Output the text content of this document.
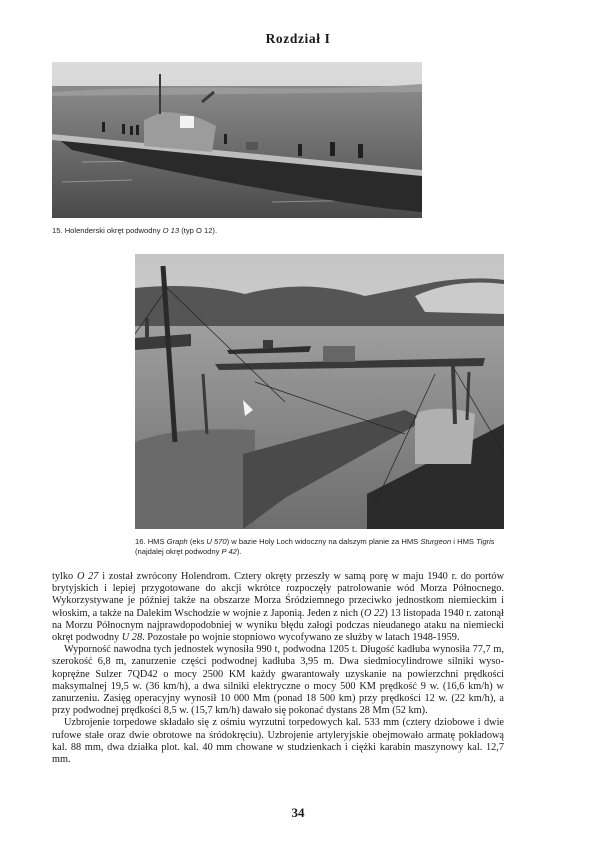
Rozdział I
15. Holenderski okręt podwodny O 13 (typ O 12).
16. HMS Graph (eks U 570) w bazie Holy Loch widoczny na dalszym planie za HMS Sturgeon i HMS Tigris (najdalej okręt podwodny P 42).

tylko O 27 i został zwrócony Holendrom. Cztery okręty przeszły w samą porę w maju 1940 r. do portów brytyjskich i lepiej przygotowane do akcji wkrótce rozpoczęły patrolowanie wód Morza Północnego. Wykorzystywane je później także na obszarze Morza Śródziemnego przeciwko jednostkom niemieckim i włoskim, a także na Dalekim Wschodzie w wojnie z Japonią. Jeden z nich (O 22) 13 listopada 1940 r. zatonął na Morzu Północnym najprawdopodobniej w wyniku błędu załogi podczas nieudanego ataku na niemiecki okręt podwodny U 28. Pozostałe po wojnie stopniowo wycofywano ze służby w latach 1948-1959.

Wyporność nawodna tych jednostek wynosiła 990 t, podwodna 1205 t. Długość kadłuba wynosiła 77,7 m, szerokość 6,8 m, zanurzenie części podwodnej kadłuba 3,95 m. Dwa siedmiocylindrowe silniki wysokoprężne Sulzer 7QD42 o mocy 2500 KM każdy gwarantowały uzyskanie na powierzchni prędkości maksymalnej 19,5 w. (36 km/h), a dwa silniki elektryczne o mocy 500 KM prędkość 9 w. (16,6 km/h) w zanurzeniu. Zasięg operacyjny wynosił 10 000 Mm (ponad 18 500 km) przy prędkości 12 w. (22 km/h), a przy podwodnej prędkości 8,5 w. (15,7 km/h) dawało się pokonać dystans 28 Mm (52 km).

Uzbrojenie torpedowe składało się z ośmiu wyrzutni torpedowych kal. 533 mm (cztery dziobowe i dwie rufowe stałe oraz dwie obrotowe na śródokręciu). Uzbrojenie artyleryjskie obejmowało armatę pokładową kal. 88 mm, dwa działka plot. kal. 40 mm chowane w studzienkach i ciężki karabin maszynowy kal. 12,7 mm.

34
